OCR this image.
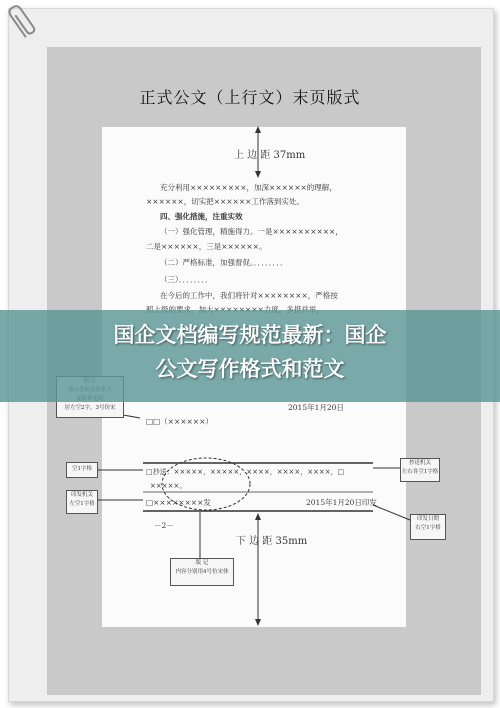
正式公文（上行文）末页版式
上 边 距 37mm
充分利用×××××××××，加深××××××的理解，
××××××，切实把××××××工作落到实处。
四、强化措施，注重实效
（一）强化管理，精施得力。一是××××××××××，
二是××××××，三是××××××。
（二）严格标准，加强督促。．．．．．．．．
（三）．．．．．．．．
在今后的工作中，我们将针对××××××××，严格按
2015年1月20日
□□（××××××）
□抄送：×××××，×××××，××××，××××，××××，□
×××××。
□××××××××发	2015年1月20日印发
－2－
下 边 距 35mm

居左空2字，3号仿宋
空1字格
印发机关
左空1字格
抄送机关
左右各空1字格
印发日期
右空1字格
版 记
内容分别用4号仿宋体
国企文档编写规范最新：国企
公文写作格式和范文
